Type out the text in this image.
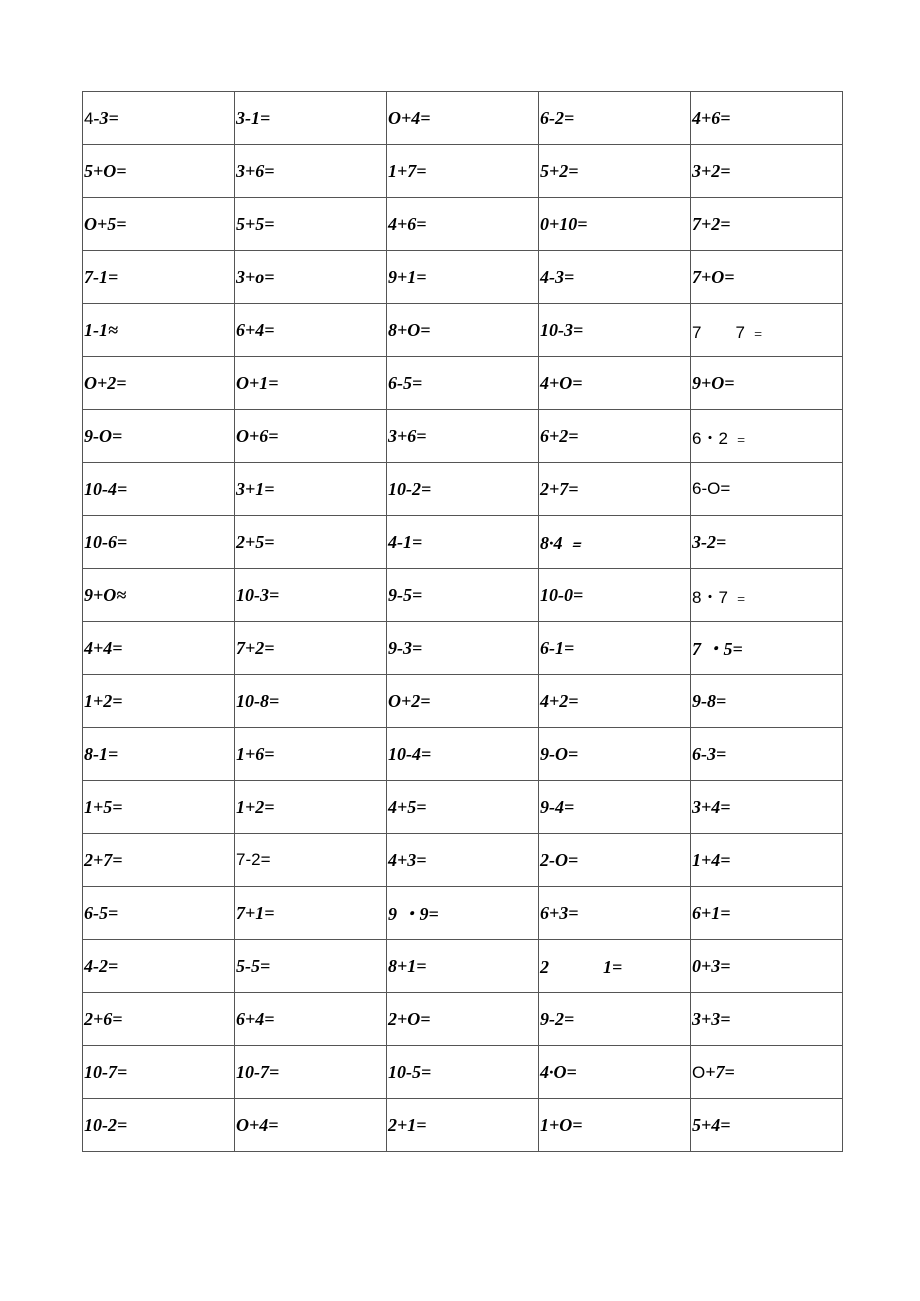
4-3=	3-1=	O+4=	6-2=	4+6=
5+O=	3+6=	1+7=	5+2=	3+2=
O+5=	5+5=	4+6=	0+10=	7+2=
7-1=	3+o=	9+1=	4-3=	7+O=
1-1≈	6+4=	8+O=	10-3=	7　　7 ﹦
O+2=	O+1=	6-5=	4+O=	9+O=
9-O=	O+6=	3+6=	6+2=	6・2 ﹦
10-4=	3+1=	10-2=	2+7=	6-O=
10-6=	2+5=	4-1=	8·4 ﹦	3-2=
9+O≈	10-3=	9-5=	10-0=	8・7 ﹦
4+4=	7+2=	9-3=	6-1=	7 ・5=
1+2=	10-8=	O+2=	4+2=	9-8=
8-1=	1+6=	10-4=	9-O=	6-3=
1+5=	1+2=	4+5=	9-4=	3+4=
2+7=	7-2=	4+3=	2-O=	1+4=
6-5=	7+1=	9 ・9=	6+3=	6+1=
4-2=	5-5=	8+1=	2　　　1=	0+3=
2+6=	6+4=	2+O=	9-2=	3+3=
10-7=	10-7=	10-5=	4·O=	O+7=
10-2=	O+4=	2+1=	1+O=	5+4=
